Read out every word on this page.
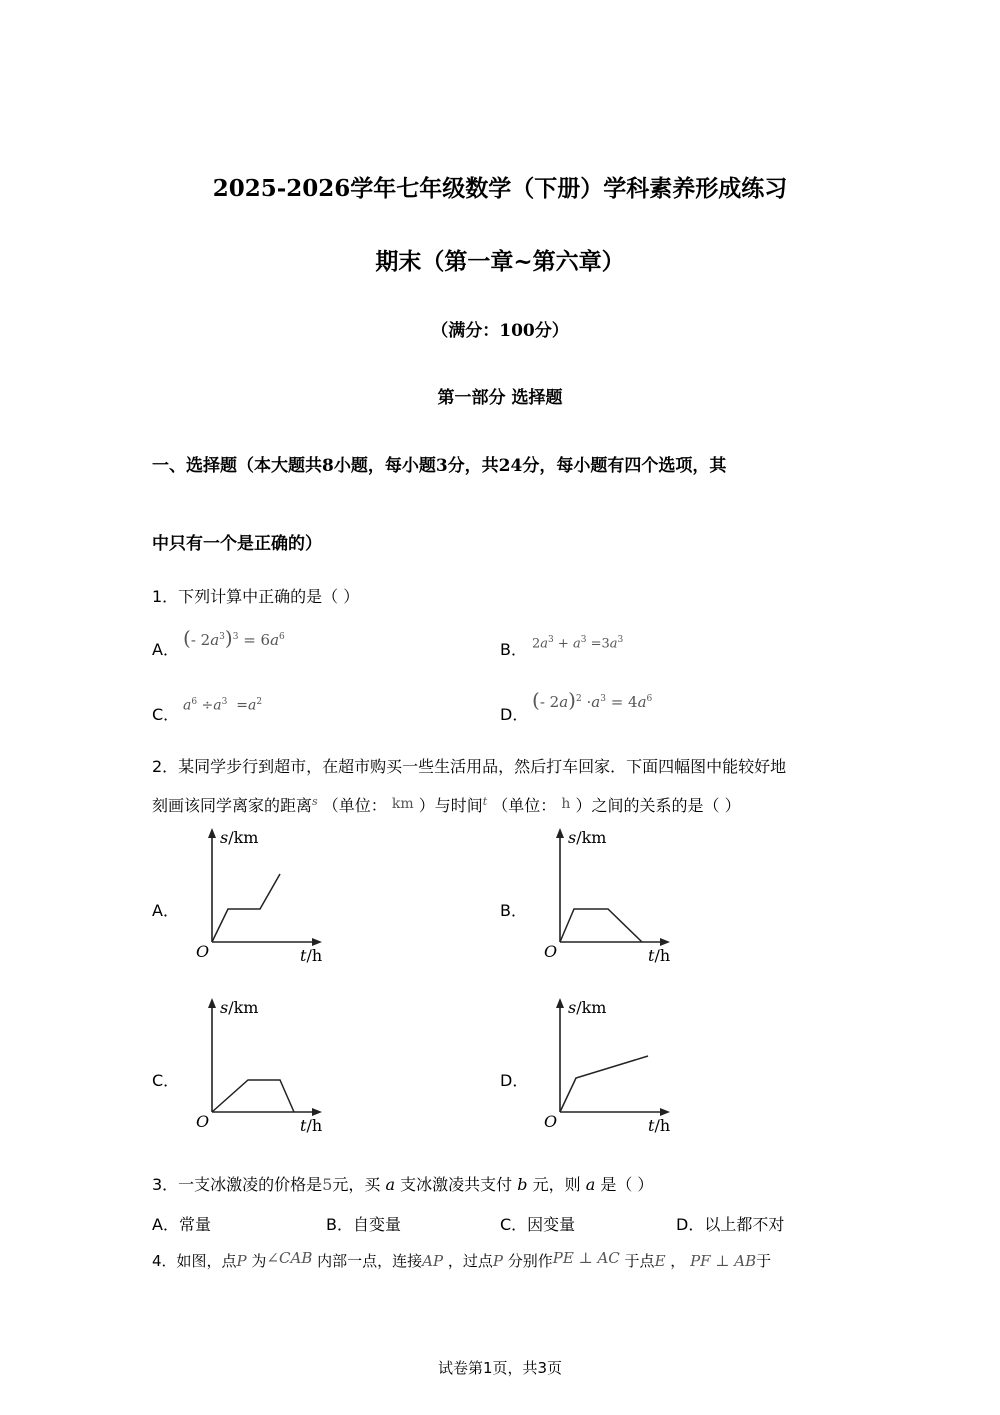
2025-2026学年七年级数学（下册）学科素养形成练习
期末（第一章~第六章）
（满分：100分）
第一部分 选择题
一、选择题（本大题共8小题，每小题3分，共24分，每小题有四个选项，其
中只有一个是正确的）
1．下列计算中正确的是（ ）
A． (- $2a^3)^3 = 6a^6$
B． $2a^3 + a^3 =3a^3$
C． $a^6 \div a^3 =a^2$
D．
(- $2a)^2 \cdot a^3 = 4a^6$
2．某同学步行到超市，在超市购买一些生活用品，然后打车回家．下面四幅图中能较好地
刻画该同学离家的距离$^s$ （单位： km ）与时间$^t$ （单位： h ）之间的关系的是（ ）
A．	B．
C．	D．
s/km
t/h
O
s/km
t/h
O
s/km
t/h
O
s/km
t/h
O
3．一支冰激凌的价格是5元，买 a 支冰激凌共支付 b 元，则 a 是（ ）
A．常量	B．自变量	C．因变量	D．以上都不对
4．如图，点P 为∠CAB 内部一点，连接AP ，过点P 分别作PE ⊥ AC 于点E ， PF ⊥ AB于
试卷第1页，共3页
